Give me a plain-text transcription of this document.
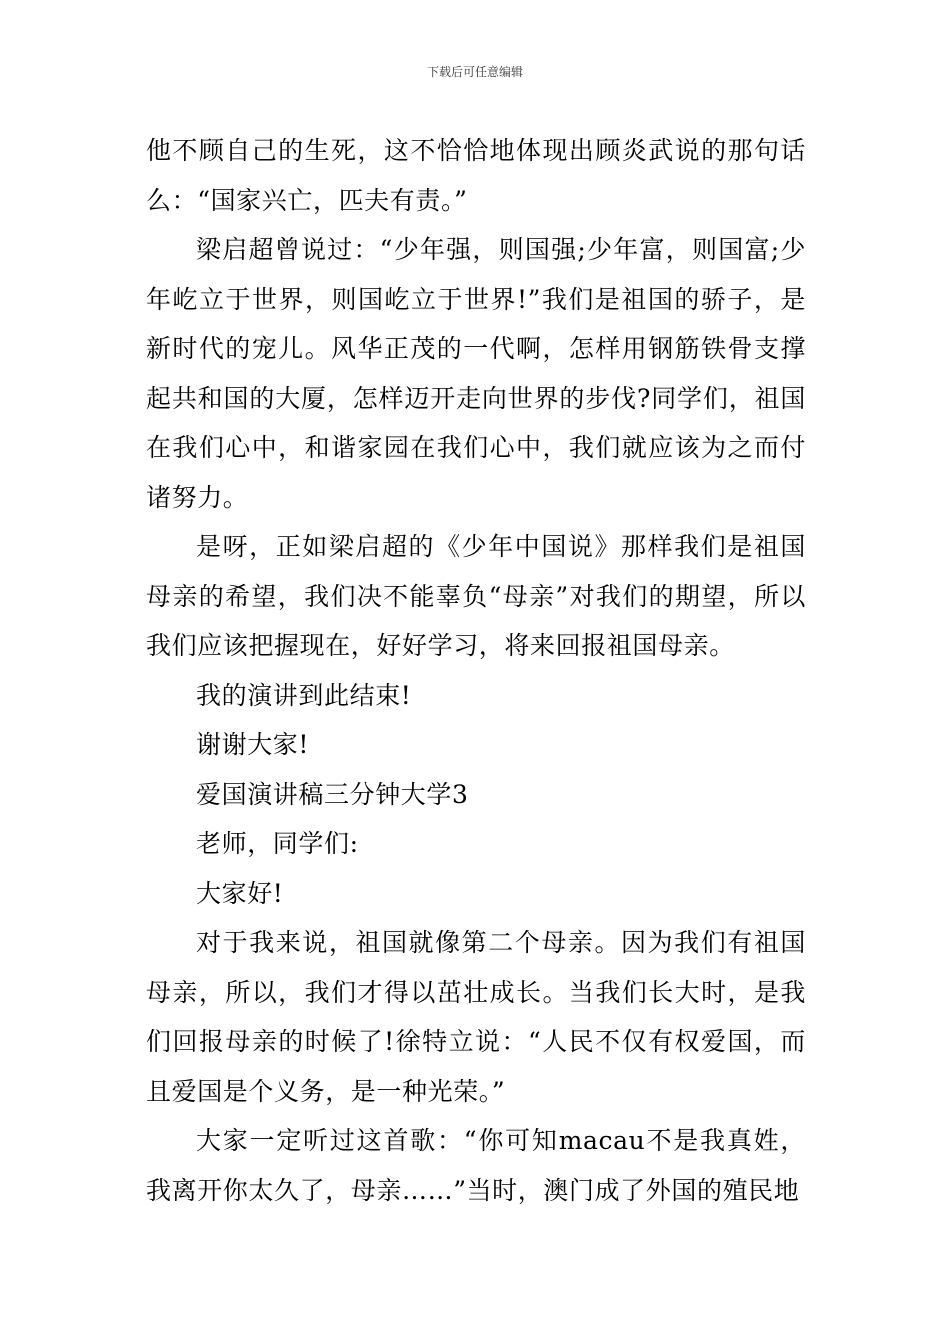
下载后可任意编辑

他不顾自己的生死，这不恰恰地体现出顾炎武说的那句话么：“国家兴亡，匹夫有责。”

梁启超曾说过：“少年强，则国强;少年富，则国富;少年屹立于世界，则国屹立于世界!”我们是祖国的骄子，是新时代的宠儿。风华正茂的一代啊，怎样用钢筋铁骨支撑起共和国的大厦，怎样迈开走向世界的步伐?同学们，祖国在我们心中，和谐家园在我们心中，我们就应该为之而付诸努力。

是呀，正如梁启超的《少年中国说》那样我们是祖国母亲的希望，我们决不能辜负“母亲”对我们的期望，所以我们应该把握现在，好好学习，将来回报祖国母亲。

我的演讲到此结束!

谢谢大家!

爱国演讲稿三分钟大学3

老师，同学们:

大家好!

对于我来说，祖国就像第二个母亲。因为我们有祖国母亲，所以，我们才得以茁壮成长。当我们长大时，是我们回报母亲的时候了!徐特立说：“人民不仅有权爱国，而且爱国是个义务，是一种光荣。”

大家一定听过这首歌：“你可知macau不是我真姓，我离开你太久了，母亲……”当时，澳门成了外国的殖民地
